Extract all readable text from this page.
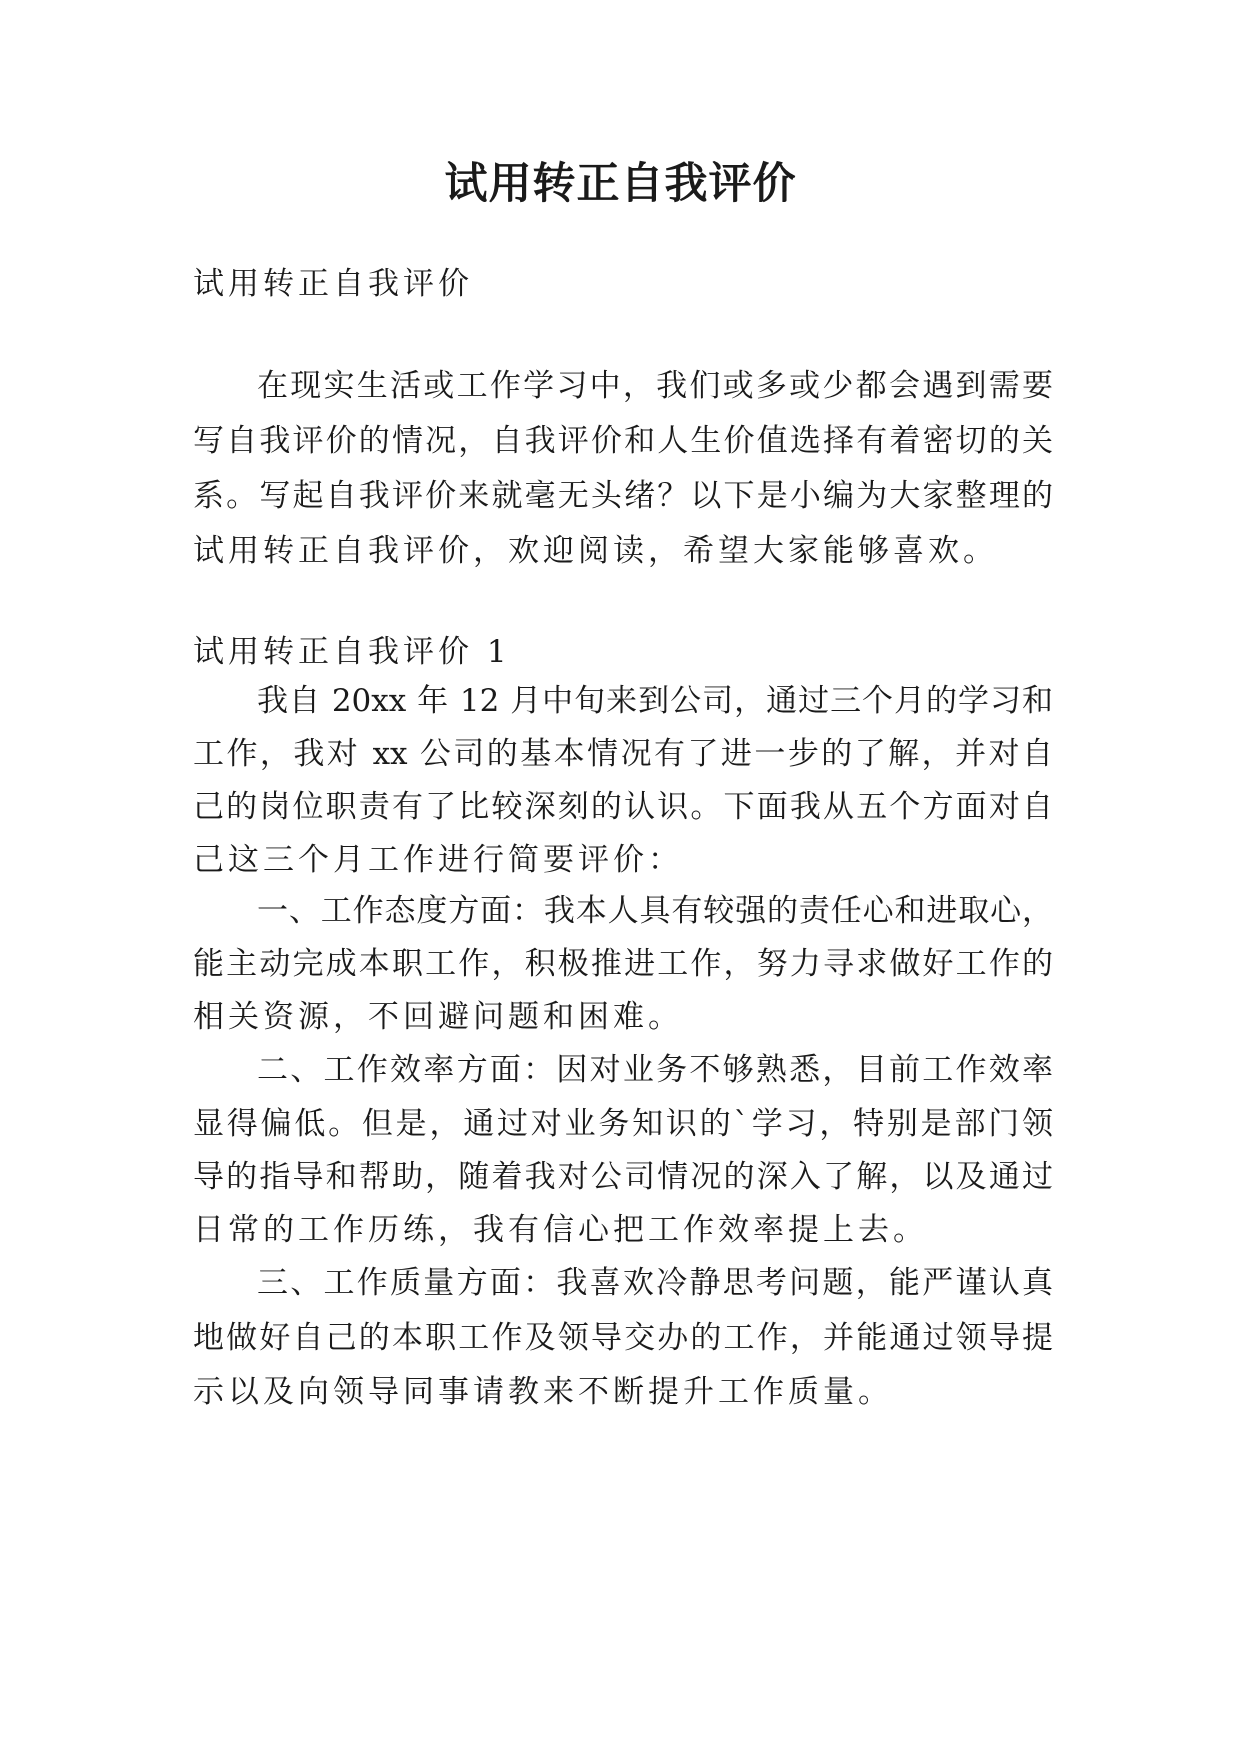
试用转正自我评价

试用转正自我评价

在现实生活或工作学习中，我们或多或少都会遇到需要

写自我评价的情况，自我评价和人生价值选择有着密切的关

系。写起自我评价来就毫无头绪？以下是小编为大家整理的

试用转正自我评价，欢迎阅读，希望大家能够喜欢。

试用转正自我评价 1

我自 20xx 年 12 月中旬来到公司，通过三个月的学习和

工作，我对 xx 公司的基本情况有了进一步的了解，并对自

己的岗位职责有了比较深刻的认识。下面我从五个方面对自

己这三个月工作进行简要评价：

一、工作态度方面：我本人具有较强的责任心和进取心，

能主动完成本职工作，积极推进工作，努力寻求做好工作的

相关资源，不回避问题和困难。

二、工作效率方面：因对业务不够熟悉，目前工作效率

显得偏低。但是，通过对业务知识的`学习，特别是部门领

导的指导和帮助，随着我对公司情况的深入了解，以及通过

日常的工作历练，我有信心把工作效率提上去。

三、工作质量方面：我喜欢冷静思考问题，能严谨认真

地做好自己的本职工作及领导交办的工作，并能通过领导提

示以及向领导同事请教来不断提升工作质量。
